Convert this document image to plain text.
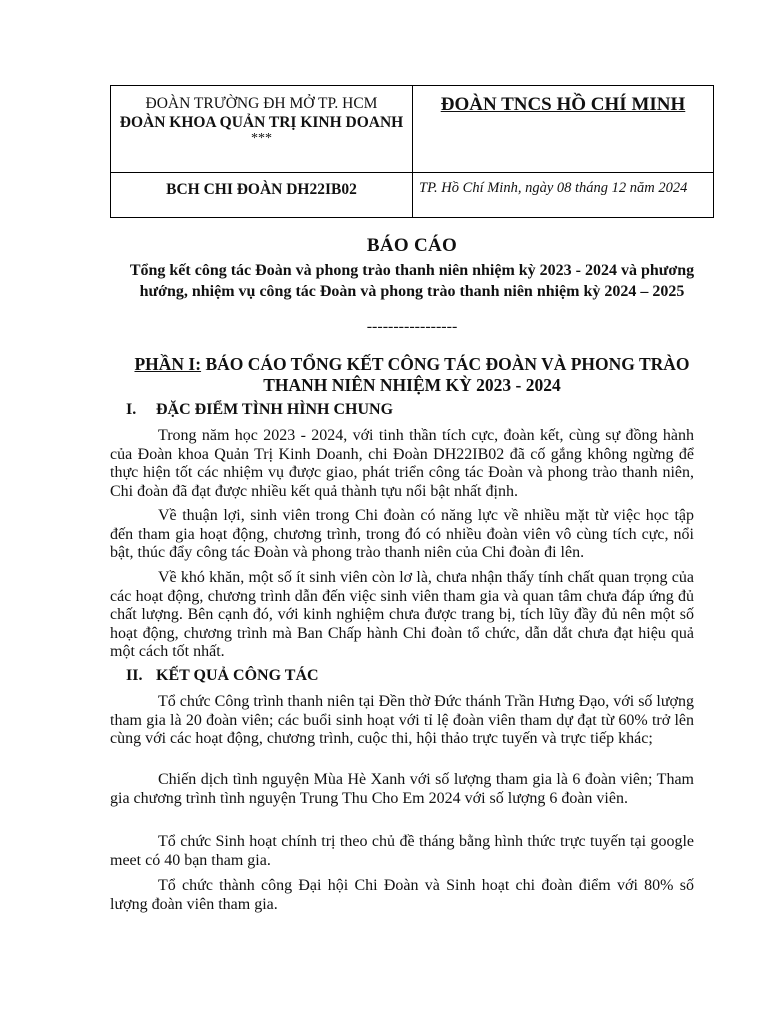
ĐOÀN TRƯỜNG ĐH MỞ TP. HCM
ĐOÀN KHOA QUẢN TRỊ KINH DOANH
***	ĐOÀN TNCS HỒ CHÍ MINH

BCH CHI ĐOÀN DH22IB02	TP. Hồ Chí Minh, ngày 08 tháng 12 năm 2024
BÁO CÁO
Tổng kết công tác Đoàn và phong trào thanh niên nhiệm kỳ 2023 - 2024 và phương hướng, nhiệm vụ công tác Đoàn và phong trào thanh niên nhiệm kỳ 2024 – 2025
-----------------
PHẦN I: BÁO CÁO TỔNG KẾT CÔNG TÁC ĐOÀN VÀ PHONG TRÀO THANH NIÊN NHIỆM KỲ 2023 - 2024
I. ĐẶC ĐIỂM TÌNH HÌNH CHUNG

Trong năm học 2023 - 2024, với tinh thần tích cực, đoàn kết, cùng sự đồng hành của Đoàn khoa Quản Trị Kinh Doanh, chi Đoàn DH22IB02 đã cố gắng không ngừng để thực hiện tốt các nhiệm vụ được giao, phát triển công tác Đoàn và phong trào thanh niên, Chi đoàn đã đạt được nhiều kết quả thành tựu nổi bật nhất định.

Về thuận lợi, sinh viên trong Chi đoàn có năng lực về nhiều mặt từ việc học tập đến tham gia hoạt động, chương trình, trong đó có nhiều đoàn viên vô cùng tích cực, nổi bật, thúc đẩy công tác Đoàn và phong trào thanh niên của Chi đoàn đi lên.

Về khó khăn, một số ít sinh viên còn lơ là, chưa nhận thấy tính chất quan trọng của các hoạt động, chương trình dẫn đến việc sinh viên tham gia và quan tâm chưa đáp ứng đủ chất lượng. Bên cạnh đó, với kinh nghiệm chưa được trang bị, tích lũy đầy đủ nên một số hoạt động, chương trình mà Ban Chấp hành Chi đoàn tổ chức, dẫn dắt chưa đạt hiệu quả một cách tốt nhất.

II. KẾT QUẢ CÔNG TÁC

Tổ chức Công trình thanh niên tại Đền thờ Đức thánh Trần Hưng Đạo, với số lượng tham gia là 20 đoàn viên; các buổi sinh hoạt với tỉ lệ đoàn viên tham dự đạt từ 60% trở lên cùng với các hoạt động, chương trình, cuộc thi, hội thảo trực tuyến và trực tiếp khác;

Chiến dịch tình nguyện Mùa Hè Xanh với số lượng tham gia là 6 đoàn viên; Tham gia chương trình tình nguyện Trung Thu Cho Em 2024 với số lượng 6 đoàn viên.

Tổ chức Sinh hoạt chính trị theo chủ đề tháng bằng hình thức trực tuyến tại google meet có 40 bạn tham gia.

Tổ chức thành công Đại hội Chi Đoàn và Sinh hoạt chi đoàn điểm với 80% số lượng đoàn viên tham gia.
